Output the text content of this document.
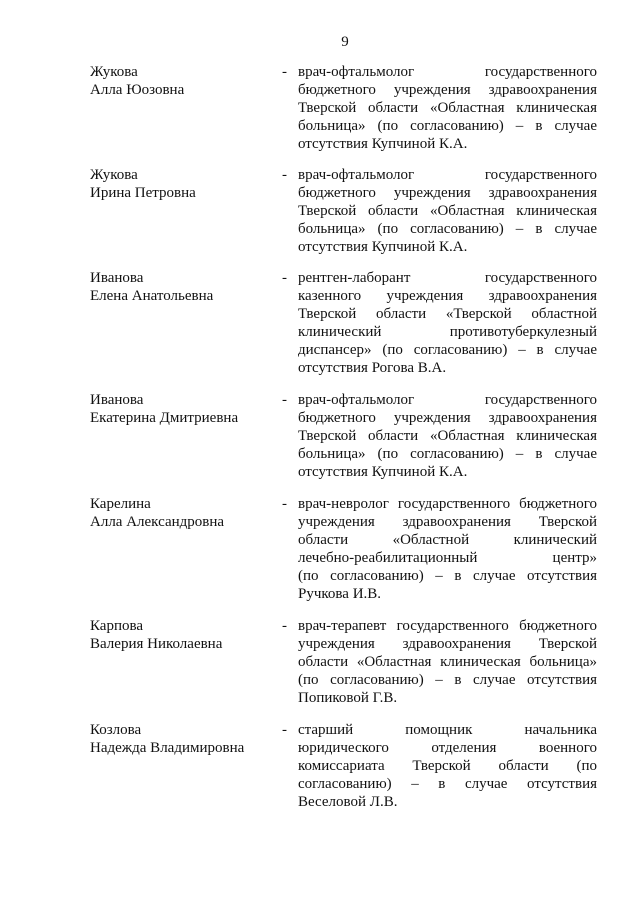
9
Жукова
Алла Юозовна
- врач-офтальмолог государственного
бюджетного учреждения здравоохранения
Тверской области «Областная клиническая
больница» (по согласованию) – в случае
отсутствия Купчиной К.А.
Жукова
Ирина Петровна
- врач-офтальмолог государственного
бюджетного учреждения здравоохранения
Тверской области «Областная клиническая
больница» (по согласованию) – в случае
отсутствия Купчиной К.А.
Иванова
Елена Анатольевна
- рентген-лаборант государственного
казенного учреждения здравоохранения
Тверской области «Тверской областной
клинический противотуберкулезный
диспансер» (по согласованию) – в случае
отсутствия Рогова В.А.
Иванова
Екатерина Дмитриевна
- врач-офтальмолог государственного
бюджетного учреждения здравоохранения
Тверской области «Областная клиническая
больница» (по согласованию) – в случае
отсутствия Купчиной К.А.
Карелина
Алла Александровна
- врач-невролог государственного бюджетного
учреждения здравоохранения Тверской
области «Областной клинический
лечебно-реабилитационный центр»
(по согласованию) – в случае отсутствия
Ручкова И.В.
Карпова
Валерия Николаевна
- врач-терапевт государственного бюджетного
учреждения здравоохранения Тверской
области «Областная клиническая больница»
(по согласованию) – в случае отсутствия
Попиковой Г.В.
Козлова
Надежда Владимировна
- старший помощник начальника
юридического отделения военного
комиссариата Тверской области (по
согласованию) – в случае отсутствия
Веселовой Л.В.
